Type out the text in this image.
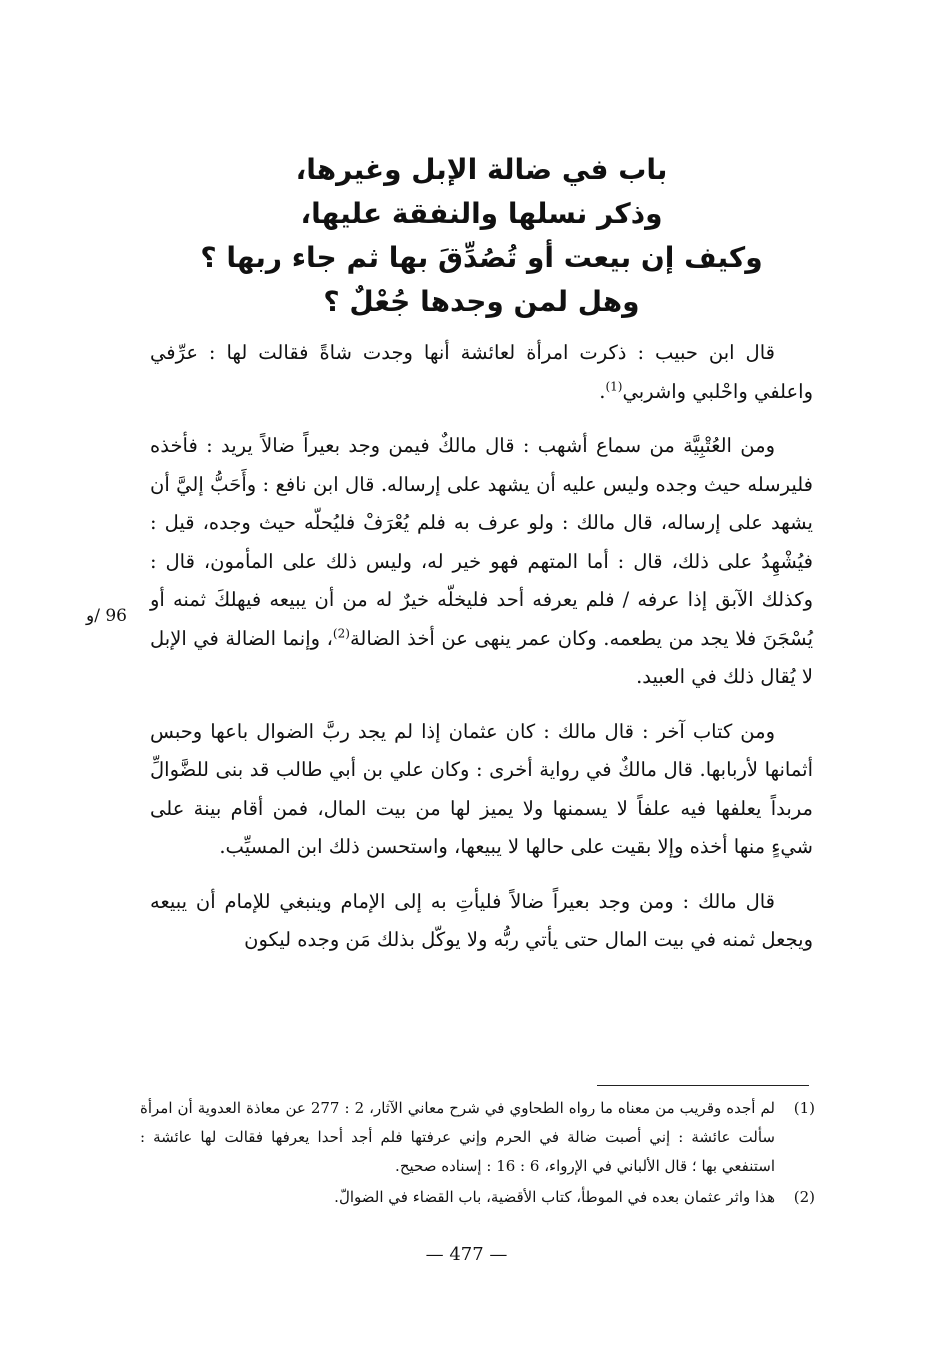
باب في ضالة الإبل وغيرها،
وذكر نسلها والنفقة عليها،
وكيف إن بيعت أو تُصُدِّقَ بها ثم جاء ربها ؟
وهل لمن وجدها جُعْلٌ ؟

قال ابن حبيب : ذكرت امرأة لعائشة أنها وجدت شاةً فقالت لها : عرِّفي واعلفي واحْلبي واشربي$^{(1)}$.

ومن العُتْبِيَّة من سماع أشهب : قال مالكٌ فيمن وجد بعيراً ضالاً يريد : فأخذه فليرسله حيث وجده وليس عليه أن يشهد على إرساله. قال ابن نافع : وأَحَبُّ إليَّ أن يشهد على إرساله، قال مالك : ولو عرف به فلم يُعْرَفْ فليُحلّه حيث وجده، قيل : فيُشْهِدُ على ذلك، قال : أما المتهم فهو خير له، وليس ذلك على المأمون، قال : وكذلك الآبق إذا عرفه / فلم يعرفه أحد فليخلّه خيرٌ له من أن يبيعه فيهلكَ ثمنه أو يُسْجَنَ فلا يجد من يطعمه. وكان عمر ينهى عن أخذ الضالة$^{(2)}$، وإنما الضالة في الإبل لا يُقال ذلك في العبيد.

ومن كتاب آخر : قال مالك : كان عثمان إذا لم يجد ربَّ الضوال باعها وحبس أثمانها لأربابها. قال مالكٌ في رواية أخرى : وكان علي بن أبي طالب قد بنى للضَّوالِّ مربداً يعلفها فيه علفاً لا يسمنها ولا يميز لها من بيت المال، فمن أقام بينة على شيءٍ منها أخذه وإلا بقيت على حالها لا يبيعها، واستحسن ذلك ابن المسيِّب.

قال مالك : ومن وجد بعيراً ضالاً فليأتِ به إلى الإمام وينبغي للإمام أن يبيعه ويجعل ثمنه في بيت المال حتى يأتي ربُّه ولا يوكّل بذلك مَن وجده ليكون

96 /و
(1)
لم أجده وقريب من معناه ما رواه الطحاوي في شرح معاني الآثار، 2 : 277 عن معاذة العدوية أن امرأة سألت عائشة : إني أصبت ضالة في الحرم وإني عرفتها فلم أجد أحدا يعرفها فقالت لها عائشة : استنفعي بها ؛ قال الألباني في الإرواء، 6 : 16 : إسناده صحيح.
(2)
هذا واثر عثمان بعده في الموطأ، كتاب الأقضية، باب القضاء في الضوالّ.
— 477 —
